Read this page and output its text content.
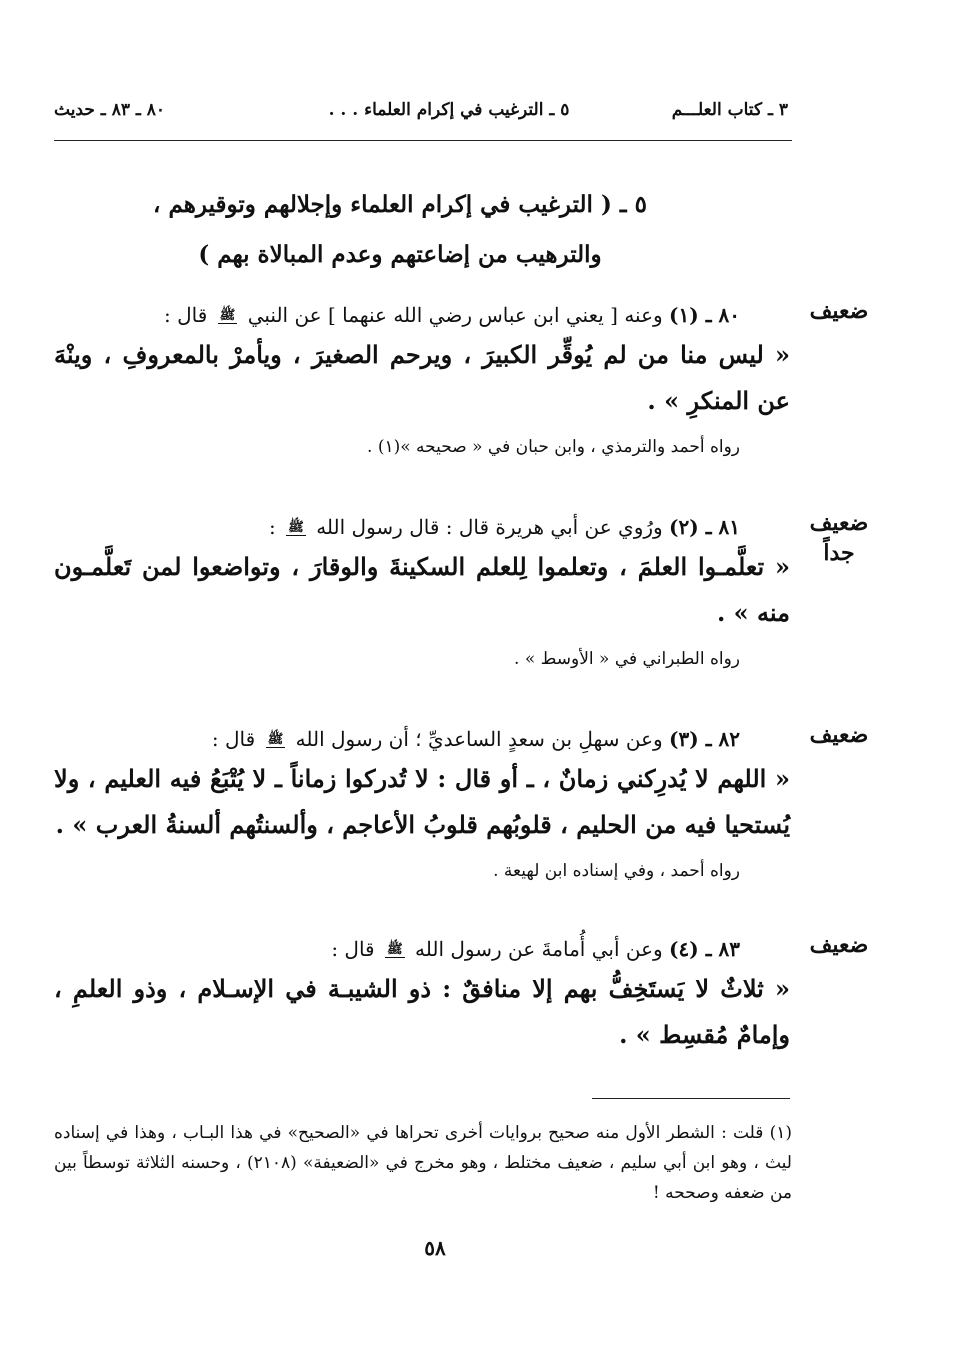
٣ ـ كتاب العلـــم
٥ ـ الترغيب في إكرام العلماء . . .
٨٠ ـ ٨٣ ـ حديث
٥ ـ ( الترغيب في إكرام العلماء وإجلالهم وتوقيرهم ،
والترهيب من إضاعتهم وعدم المبالاة بهم )
ضعيف
٨٠ ـ (١) وعنه [ يعني ابن عباس رضي الله عنهما ] عن النبي ﷺ قال :
« ليس منا من لم يُوقِّر الكبيرَ ، ويرحم الصغيرَ ، ويأمرْ بالمعروفِ ، وينْهَ عن المنكرِ » .
رواه أحمد والترمذي ، وابن حبان في « صحيحه »(١) .
ضعيف
جداً
٨١ ـ (٢) ورُوي عن أبي هريرة قال : قال رسول الله ﷺ :
« تعلَّمـوا العلمَ ، وتعلموا لِلعلم السكينةَ والوقارَ ، وتواضعوا لمن تَعلَّمـون منه » .
رواه الطبراني في « الأوسط » .
ضعيف
٨٢ ـ (٣) وعن سهلِ بن سعدٍ الساعديِّ ؛ أن رسول الله ﷺ قال :
« اللهم لا يُدرِكني زمانٌ ، ـ أو قال : لا تُدركوا زماناً ـ لا يُتْبَعُ فيه العليم ، ولا يُستحيا فيه من الحليم ، قلوبُهم قلوبُ الأعاجم ، وألسنتُهم ألسنةُ العرب » .
رواه أحمد ، وفي إسناده ابن لهيعة .
ضعيف
٨٣ ـ (٤) وعن أبي أُمامةَ عن رسول الله ﷺ قال :
« ثلاثٌ لا يَستَخِفُّ بهم إلا منافقٌ : ذو الشيبـة في الإسـلام ، وذو العلمِ ، وإمامٌ مُقسِط » .
(١) قلت : الشطر الأول منه صحيح بروايات أخرى تحراها في «الصحيح» في هذا البـاب ، وهذا في إسناده ليث ، وهو ابن أبي سليم ، ضعيف مختلط ، وهو مخرج في «الضعيفة» (٢١٠٨) ، وحسنه الثلاثة توسطاً بين من ضعفه وصححه !
٥٨
